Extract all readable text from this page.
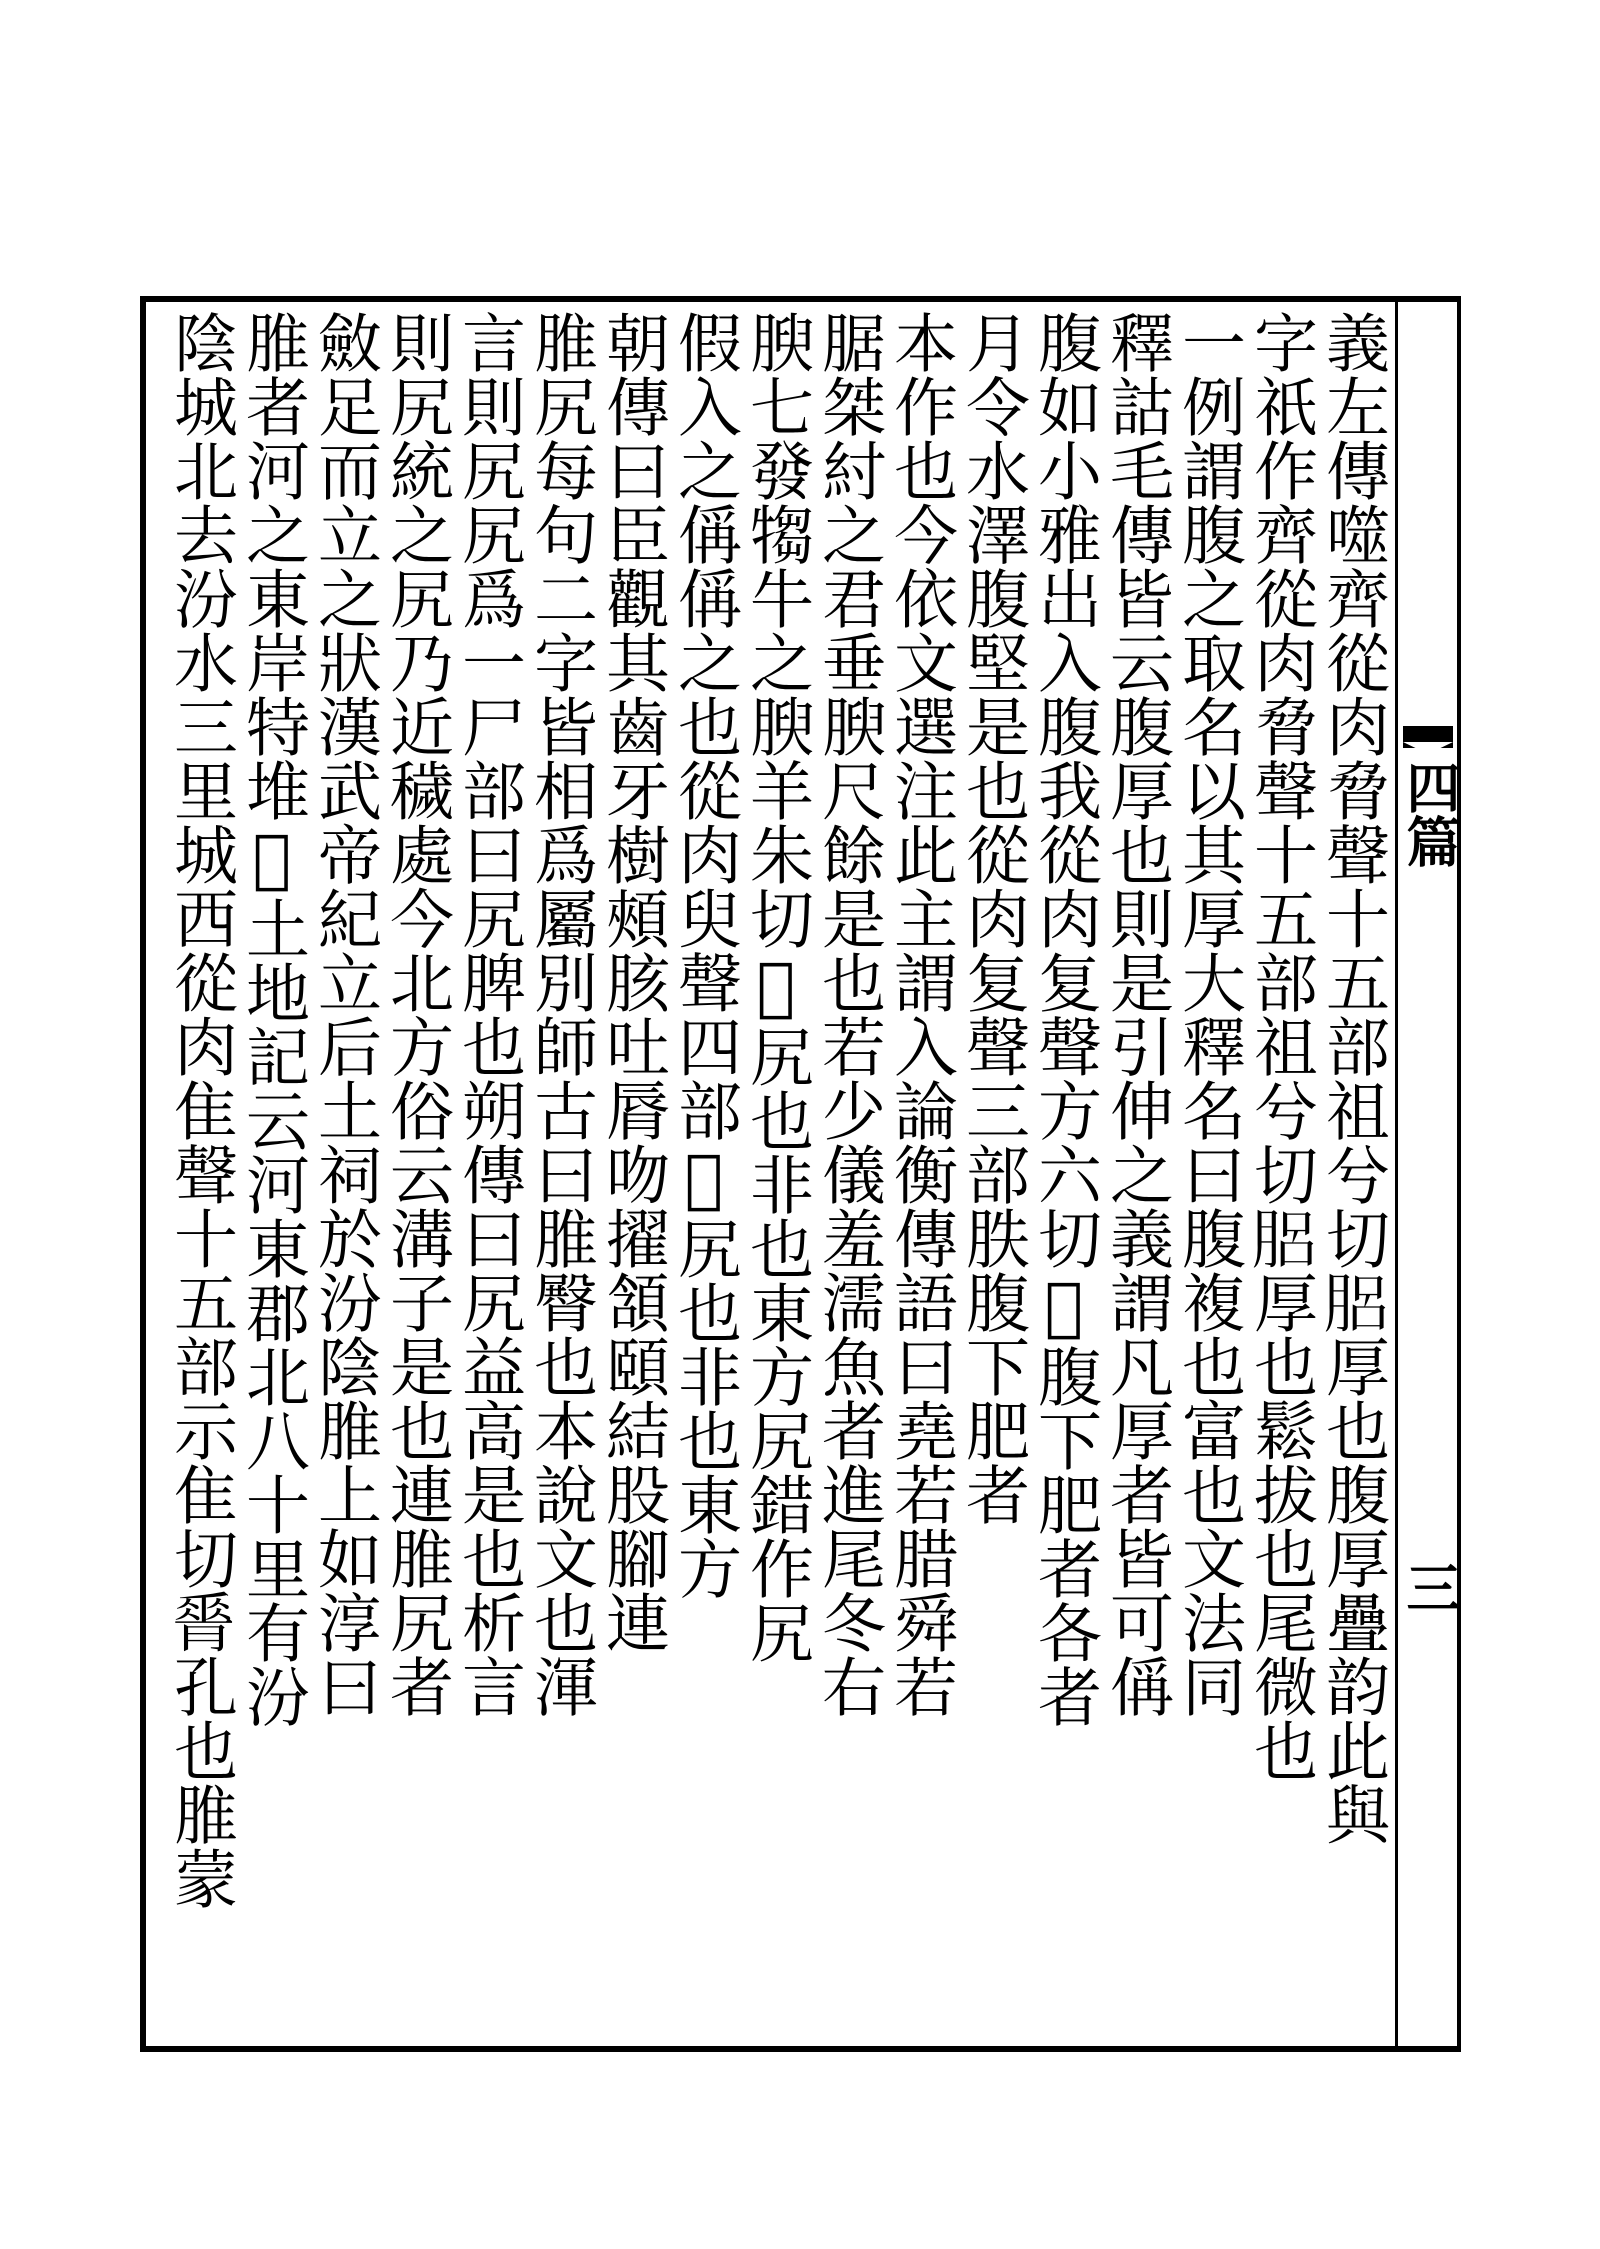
義左傳噬齊從肉脅聲十五部祖兮切𦛗厚也腹厚疊韵此與
字祇作齊從肉脅聲十五部祖兮切𦛗厚也鬆拔也尾微也
一例謂腹之取名以其厚大釋名曰腹複也富也文法同
釋詁毛傳皆云腹厚也則是引伸之義謂凡厚者皆可偁
腹如小雅出入腹我從肉复聲方六切𦟂腹下肥者各者
月令水澤腹堅是也從肉复聲三部胅腹下肥者
本作也今依文選注此主謂入論衡傳語曰堯若腊舜若
腒桀紂之君垂腴尺餘是也若少儀羞濡魚者進尾冬右
腴七發犓牛之腴羊朱切𦞃尻也非也東方尻錯作尻
假入之偁偁之也從肉臾聲四部𦞃尻也非也東方
朝傳曰臣觀其齒牙樹頰胲吐脣吻擢頷頤結股腳連
脽尻每句二字皆相爲屬別師古曰脽臀也本說文也渾
言則尻尻爲一尸部曰尻脾也朔傳曰尻益高是也析言
則尻統之尻乃近穢處今北方俗云溝子是也連脽尻者
斂足而立之狀漢武帝紀立后土祠於汾陰脽上如淳曰
脽者河之東岸特堆𡎃土地記云河東郡北八十里有汾
陰城北去汾水三里城西從肉隹聲十五部示隹切𦟝孔也脽蒙	四篇
三
